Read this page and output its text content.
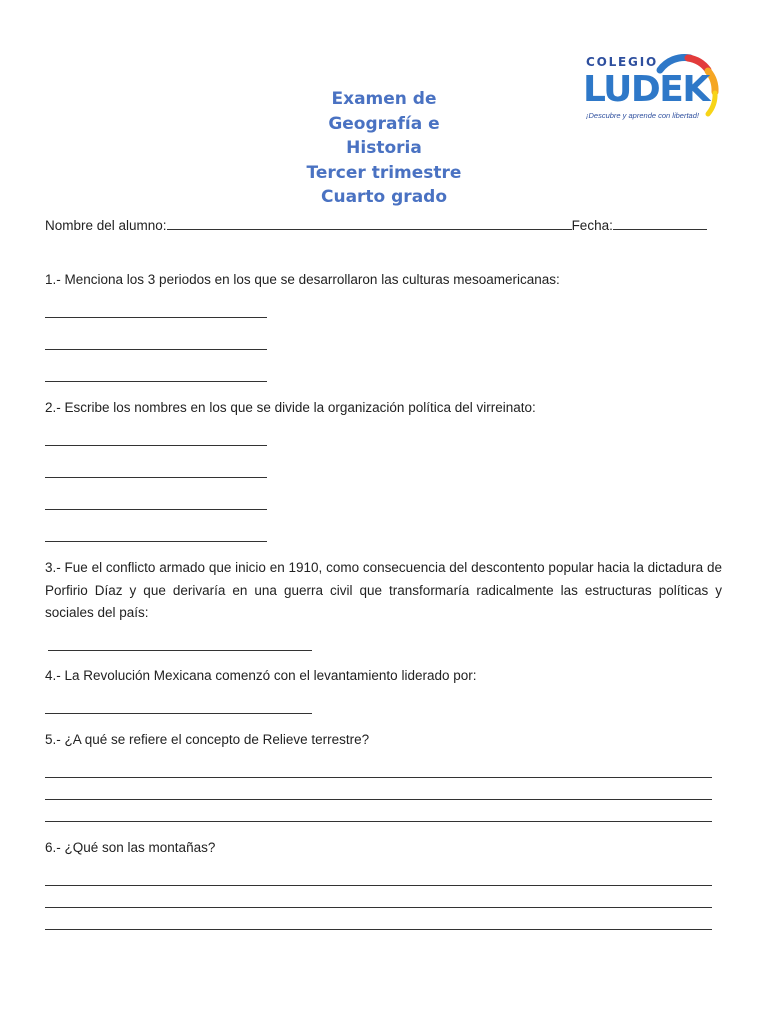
Examen de
Geografía e
Historia
Tercer trimestre
Cuarto grado
COLEGIO
LUDEK
¡Descubre y aprende con libertad!
Nombre del alumno:	Fecha:
1.- Menciona los 3 periodos en los que se desarrollaron las culturas mesoamericanas:
2.- Escribe los nombres en los que se divide la organización política del virreinato:
3.- Fue el conflicto armado que inicio en 1910, como consecuencia del descontento popular hacia la dictadura de Porfirio Díaz y que derivaría en una guerra civil que transformaría radicalmente las estructuras políticas y sociales del país:
4.- La Revolución Mexicana comenzó con el levantamiento liderado por:
5.- ¿A qué se refiere el concepto de Relieve terrestre?
6.- ¿Qué son las montañas?
